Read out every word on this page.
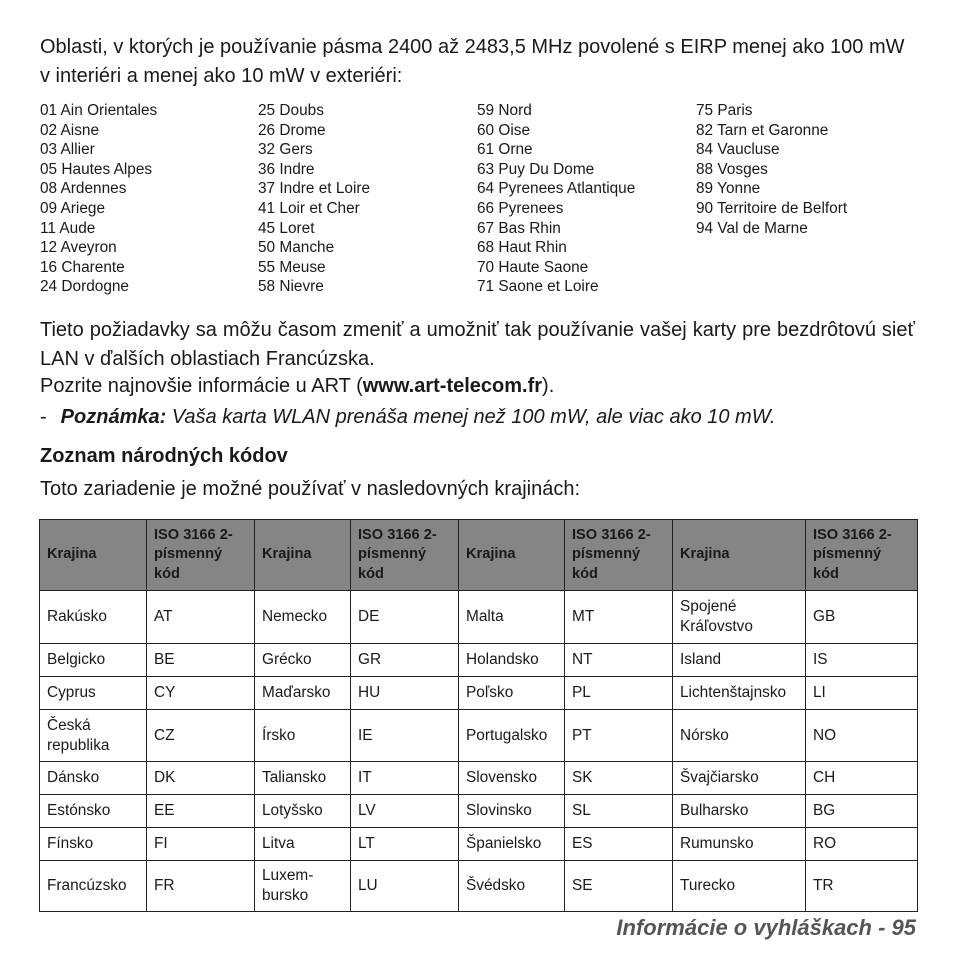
Oblasti, v ktorých je používanie pásma 2400 až 2483,5 MHz povolené s EIRP menej ako 100 mW v interiéri a menej ako 10 mW v exteriéri:
01 Ain Orientales
02 Aisne
03 Allier
05 Hautes Alpes
08 Ardennes
09 Ariege
11 Aude
12 Aveyron
16 Charente
24 Dordogne
25 Doubs
26 Drome
32 Gers
36 Indre
37 Indre et Loire
41 Loir et Cher
45 Loret
50 Manche
55 Meuse
58 Nievre
59 Nord
60 Oise
61 Orne
63 Puy Du Dome
64 Pyrenees Atlantique
66 Pyrenees
67 Bas Rhin
68 Haut Rhin
70 Haute Saone
71 Saone et Loire
75 Paris
82 Tarn et Garonne
84 Vaucluse
88 Vosges
89 Yonne
90 Territoire de Belfort
94 Val de Marne
Tieto požiadavky sa môžu časom zmeniť a umožniť tak používanie vašej karty pre bezdrôtovú sieť LAN v ďalších oblastiach Francúzska.
Pozrite najnovšie informácie u ART (www.art-telecom.fr).
- Poznámka: Vaša karta WLAN prenáša menej než 100 mW, ale viac ako 10 mW.
Zoznam národných kódov
Toto zariadenie je možné používať v nasledovných krajinách:
Krajina	ISO 3166 2-písmenný kód	Krajina	ISO 3166 2-písmenný kód	Krajina	ISO 3166 2-písmenný kód	Krajina	ISO 3166 2-písmenný kód
Rakúsko	AT	Nemecko	DE	Malta	MT	Spojené Kráľovstvo	GB
Belgicko	BE	Grécko	GR	Holandsko	NT	Island	IS
Cyprus	CY	Maďarsko	HU	Poľsko	PL	Lichtenštajnsko	LI
Česká republika	CZ	Írsko	IE	Portugalsko	PT	Nórsko	NO
Dánsko	DK	Taliansko	IT	Slovensko	SK	Švajčiarsko	CH
Estónsko	EE	Lotyšsko	LV	Slovinsko	SL	Bulharsko	BG
Fínsko	FI	Litva	LT	Španielsko	ES	Rumunsko	RO
Francúzsko	FR	Luxem-bursko	LU	Švédsko	SE	Turecko	TR
Informácie o vyhláškach - 95
